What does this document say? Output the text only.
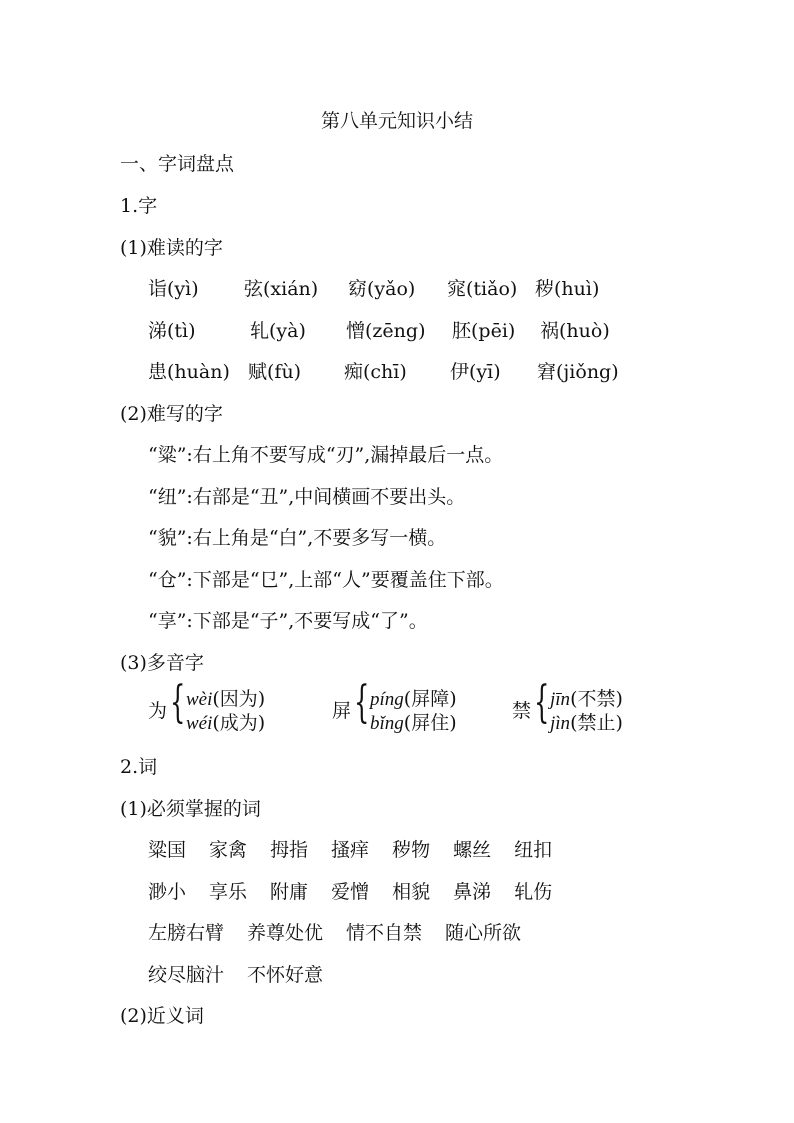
第八单元知识小结
一、字词盘点
1.字
(1)难读的字
诣(yì) 弦(xián) 窈(yǎo) 窕(tiǎo) 秽(huì)
涕(tì)	轧(yà) 憎(zēng) 胚(pēi) 祸(huò)
患(huàn) 赋(fù) 痴(chī) 伊(yī) 窘(jiǒng)
(2)难写的字
“粱”:右上角不要写成“刃”,漏掉最后一点。
“纽”:右部是“丑”,中间横画不要出头。
“貌”:右上角是“白”,不要多写一横。
“仓”:下部是“㔾”,上部“人”要覆盖住下部。
“享”:下部是“子”,不要写成“了”。
(3)多音字
为 { wèi(因为)
wéi(成为)
屏 { píng(屏障)
bǐng(屏住)
禁 { jīn(不禁)
jìn(禁止)
2.词
(1)必须掌握的词
粱国 家禽 拇指 搔痒 秽物 螺丝 纽扣
渺小 享乐 附庸 爱憎 相貌 鼻涕 轧伤
左膀右臂 养尊处优 情不自禁 随心所欲
绞尽脑汁 不怀好意
(2)近义词
